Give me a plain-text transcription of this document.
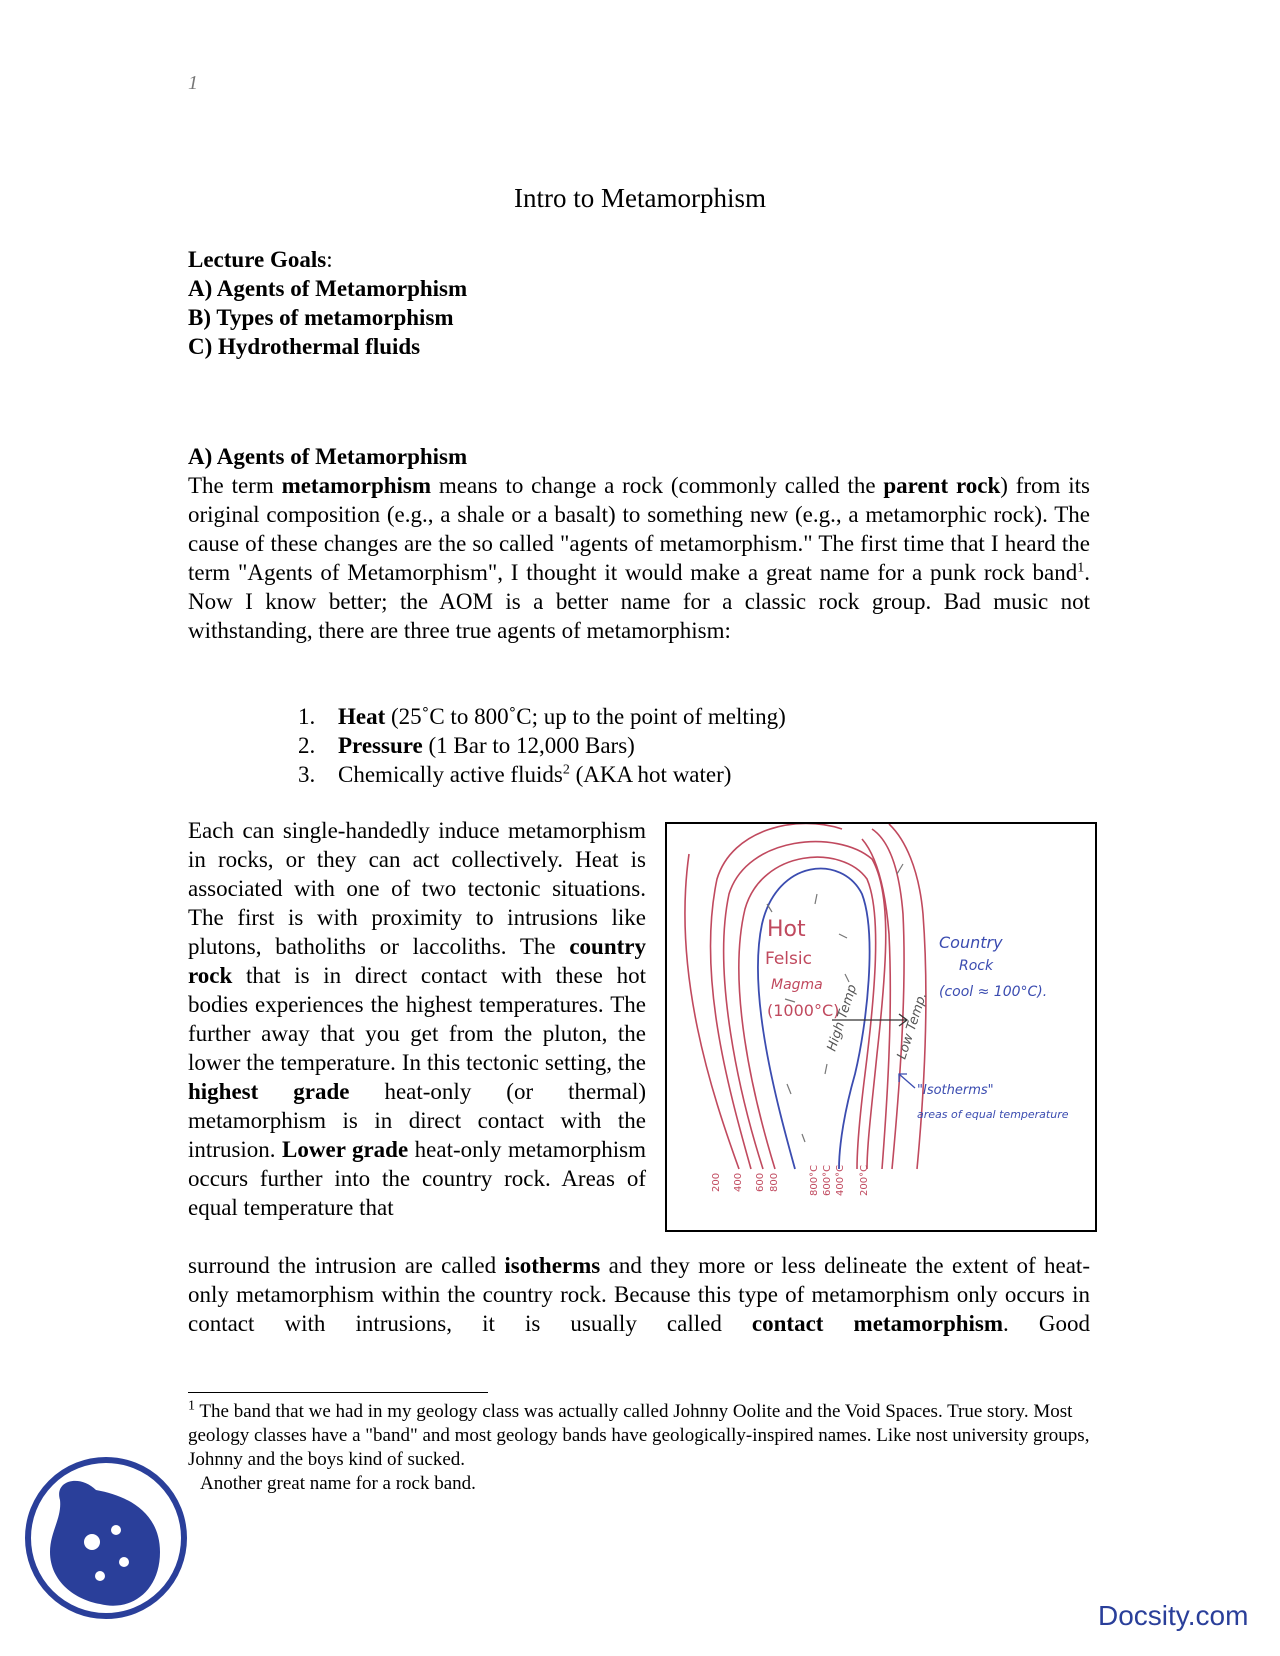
1
Intro to Metamorphism
Lecture Goals:
A) Agents of Metamorphism
B) Types of metamorphism
C) Hydrothermal fluids
A) Agents of Metamorphism

The term metamorphism means to change a rock (commonly called the parent rock) from its original composition (e.g., a shale or a basalt) to something new (e.g., a metamorphic rock). The cause of these changes are the so called "agents of metamorphism." The first time that I heard the term "Agents of Metamorphism", I thought it would make a great name for a punk rock band$^1$. Now I know better; the AOM is a better name for a classic rock group. Bad music not withstanding, there are three true agents of metamorphism:

1. Heat (25˚C to 800˚C; up to the point of melting)
2. Pressure (1 Bar to 12,000 Bars)
3. Chemically active fluids$^2$ (AKA hot water)

Each can single-handedly induce metamorphism in rocks, or they can act collectively. Heat is associated with one of two tectonic situations. The first is with proximity to intrusions like plutons, batholiths or laccoliths. The country rock that is in direct contact with these hot bodies experiences the highest temperatures. The further away that you get from the pluton, the lower the temperature. In this tectonic setting, the highest grade heat-only (or thermal) metamorphism is in direct contact with the intrusion. Lower grade heat-only metamorphism occurs further into the country rock. Areas of equal temperature that

surround the intrusion are called isotherms and they more or less delineate the extent of heat-only metamorphism within the country rock. Because this type of metamorphism only occurs in contact with intrusions, it is usually called contact metamorphism. Good

Hot
Felsic
Magma
(1000°C)
Country
Rock
(cool ≈ 100°C).
High Temp	Low Temp.
"Isotherms"
areas of equal temperature
200 400 600 800	800°C 600°C 400°C 200°C

$^1$ The band that we had in my geology class was actually called Johnny Oolite and the Void Spaces. True story. Most geology classes have a "band" and most geology bands have geologically-inspired names. Like nost university groups, Johnny and the boys kind of sucked.

Another great name for a rock band.

Docsity.com
